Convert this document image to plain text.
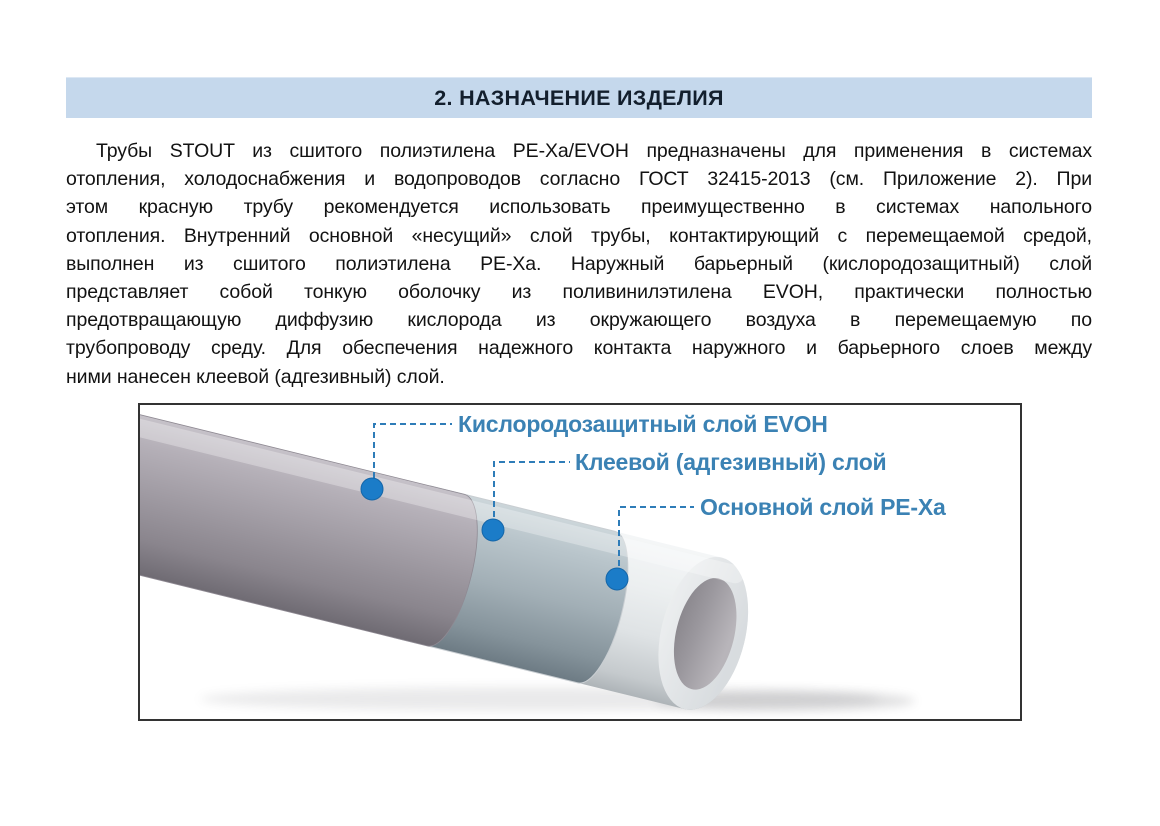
2. НАЗНАЧЕНИЕ ИЗДЕЛИЯ
Трубы STOUT из сшитого полиэтилена PE-Xa/EVOH предназначены для применения в системах
отопления, холодоснабжения и водопроводов согласно ГОСТ 32415-2013 (см. Приложение 2). При
этом красную трубу рекомендуется использовать преимущественно в системах напольного
отопления. Внутренний основной «несущий» слой трубы, контактирующий с перемещаемой средой,
выполнен из сшитого полиэтилена PE-Xa. Наружный барьерный (кислородозащитный) слой
представляет собой тонкую оболочку из поливинилэтилена EVOH, практически полностью
предотвращающую диффузию кислорода из окружающего воздуха в перемещаемую по
трубопроводу среду. Для обеспечения надежного контакта наружного и барьерного слоев между
ними нанесен клеевой (адгезивный) слой.
Кислородозащитный слой EVOH
Клеевой (адгезивный) слой
Основной слой PE-Xa
